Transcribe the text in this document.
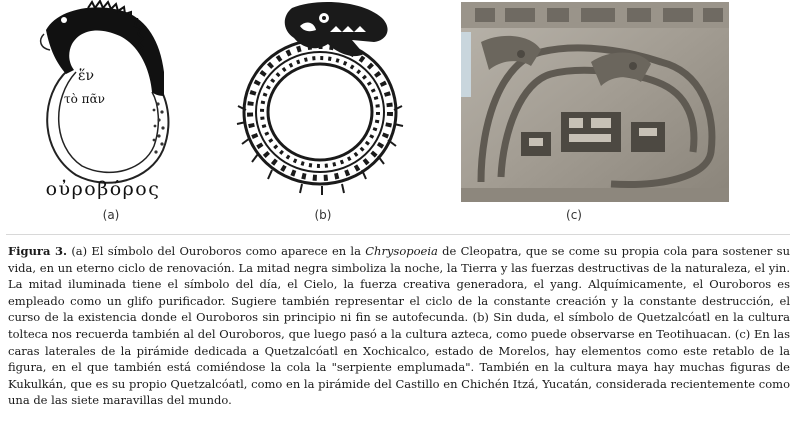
ἕν
τὸ πᾶν
οὐροβόρος
(a)	(b)	(c)

Figura 3. (a) El símbolo del Ouroboros como aparece en la Chrysopoeia de Cleopatra, que se come su propia cola para sostener su vida, en un eterno ciclo de renovación. La mitad negra simboliza la noche, la Tierra y las fuerzas destructivas de la naturaleza, el yin. La mitad iluminada tiene el símbolo del día, el Cielo, la fuerza creativa generadora, el yang. Alquímicamente, el Ouroboros es empleado como un glifo purificador. Sugiere también representar el ciclo de la constante creación y la constante destrucción, el curso de la existencia donde el Ouroboros sin principio ni fin se autofecunda. (b) Sin duda, el símbolo de Quetzalcóatl en la cultura tolteca nos recuerda también al del Ouroboros, que luego pasó a la cultura azteca, como puede observarse en Teotihuacan. (c) En las caras laterales de la pirámide dedicada a Quetzalcóatl en Xochicalco, estado de Morelos, hay elementos como este retablo de la figura, en el que también está comiéndose la cola la "serpiente emplumada". También en la cultura maya hay muchas figuras de Kukulkán, que es su propio Quetzalcóatl, como en la pirámide del Castillo en Chichén Itzá, Yucatán, considerada recientemente como una de las siete maravillas del mundo.
